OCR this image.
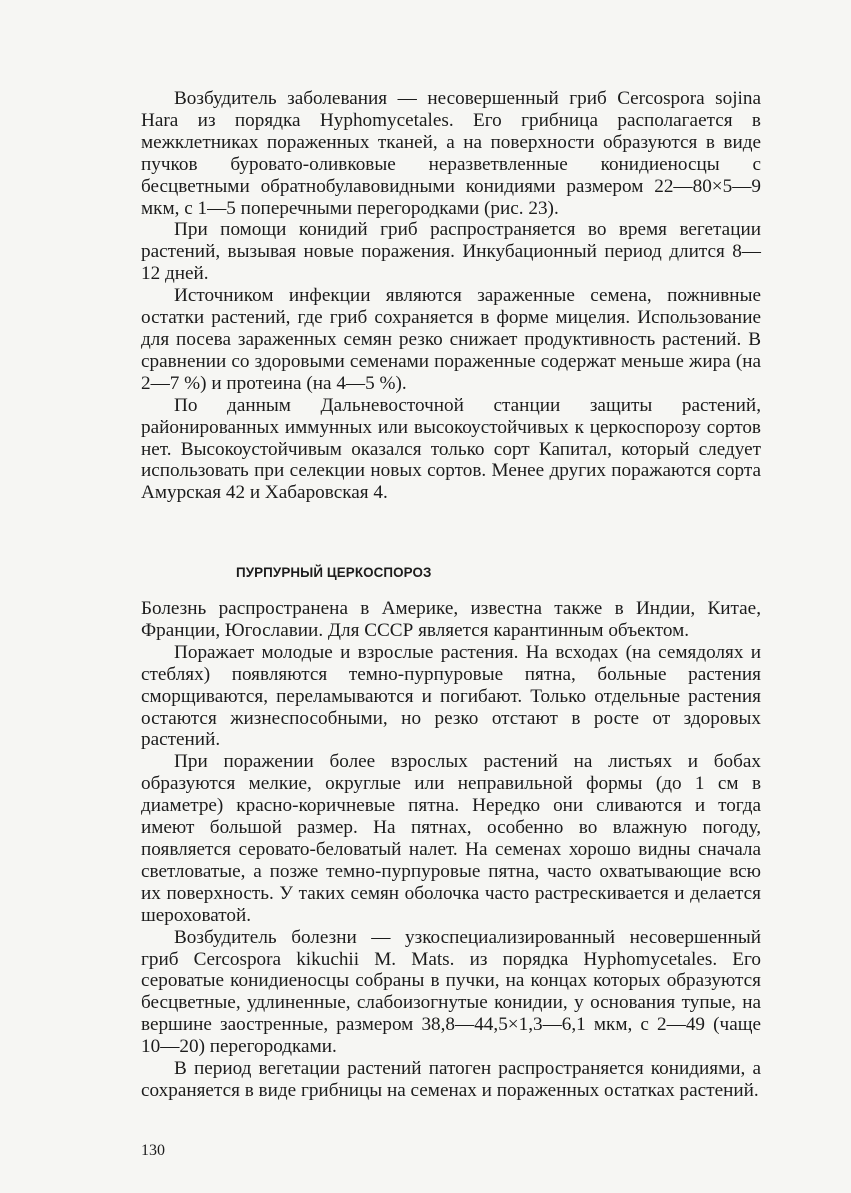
Возбудитель заболевания — несовершенный гриб Cercospora sojina Hara из порядка Hyphomycetales. Его грибница располагается в межклетниках пораженных тканей, а на поверхности образуются в виде пучков буровато-оливковые неразветвленные конидиеносцы с бесцветными обратнобулавовидными конидиями размером 22—80×5—9 мкм, с 1—5 поперечными перегородками (рис. 23).

При помощи конидий гриб распространяется во время вегетации растений, вызывая новые поражения. Инкубационный период длится 8—12 дней.

Источником инфекции являются зараженные семена, пожнивные остатки растений, где гриб сохраняется в форме мицелия. Использование для посева зараженных семян резко снижает продуктивность растений. В сравнении со здоровыми семенами пораженные содержат меньше жира (на 2—7 %) и протеина (на 4—5 %).

По данным Дальневосточной станции защиты растений, районированных иммунных или высокоустойчивых к церкоспорозу сортов нет. Высокоустойчивым оказался только сорт Капитал, который следует использовать при селекции новых сортов. Менее других поражаются сорта Амурская 42 и Хабаровская 4.

ПУРПУРНЫЙ ЦЕРКОСПОРОЗ

Болезнь распространена в Америке, известна также в Индии, Китае, Франции, Югославии. Для СССР является карантинным объектом.

Поражает молодые и взрослые растения. На всходах (на семядолях и стеблях) появляются темно-пурпуровые пятна, больные растения сморщиваются, переламываются и погибают. Только отдельные растения остаются жизнеспособными, но резко отстают в росте от здоровых растений.

При поражении более взрослых растений на листьях и бобах образуются мелкие, округлые или неправильной формы (до 1 см в диаметре) красно-коричневые пятна. Нередко они сливаются и тогда имеют большой размер. На пятнах, особенно во влажную погоду, появляется серовато-беловатый налет. На семенах хорошо видны сначала светловатые, а позже темно-пурпуровые пятна, часто охватывающие всю их поверхность. У таких семян оболочка часто растрескивается и делается шероховатой.

Возбудитель болезни — узкоспециализированный несовершенный гриб Cercospora kikuchii M. Mats. из порядка Hyphomycetales. Его сероватые конидиеносцы собраны в пучки, на концах которых образуются бесцветные, удлиненные, слабоизогнутые конидии, у основания тупые, на вершине заостренные, размером 38,8—44,5×1,3—6,1 мкм, с 2—49 (чаще 10—20) перегородками.

В период вегетации растений патоген распространяется конидиями, а сохраняется в виде грибницы на семенах и пораженных остатках растений.

130
